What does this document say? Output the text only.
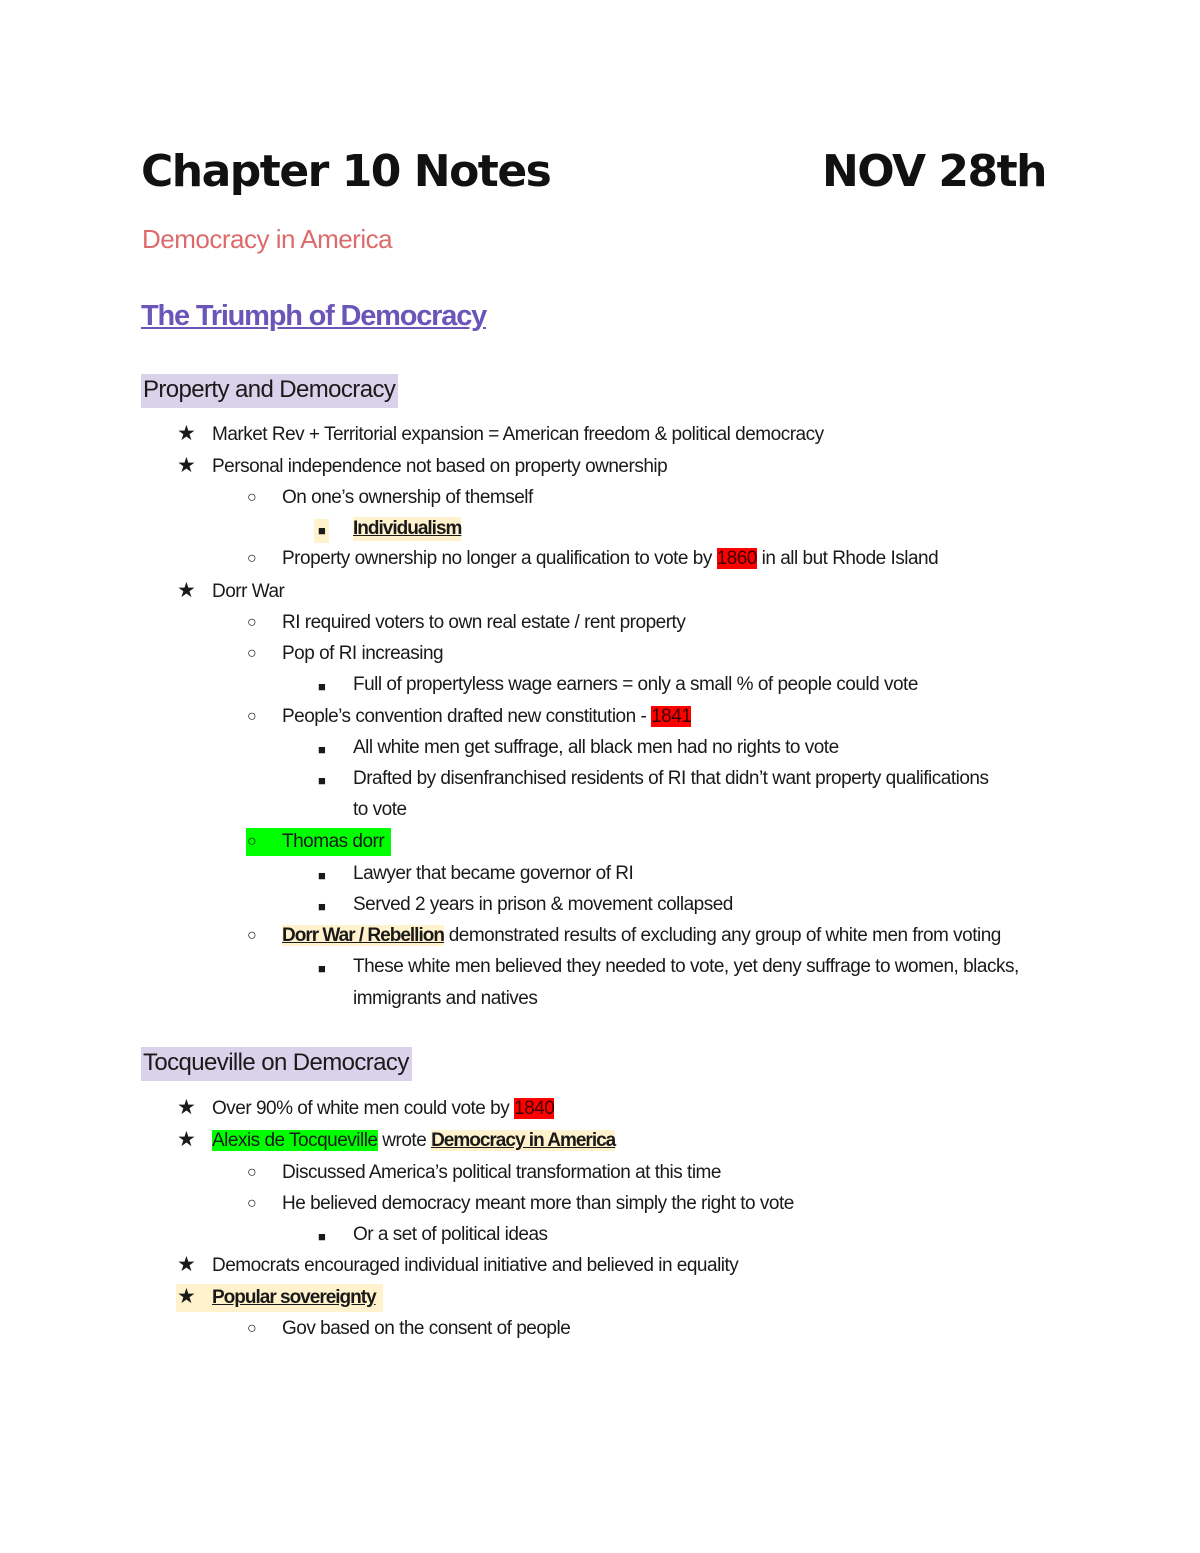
Chapter 10 Notes	NOV 28th
Democracy in America
The Triumph of Democracy
Property and Democracy
★ Market Rev + Territorial expansion = American freedom & political democracy
★ Personal independence not based on property ownership
○ On one’s ownership of themself
■ Individualism
○ Property ownership no longer a qualification to vote by 1860 in all but Rhode Island
★ Dorr War
○ RI required voters to own real estate / rent property
○ Pop of RI increasing
■ Full of propertyless wage earners = only a small % of people could vote
○ People’s convention drafted new constitution - 1841
■ All white men get suffrage, all black men had no rights to vote
■ Drafted by disenfranchised residents of RI that didn’t want property qualifications
to vote
○ Thomas dorr
■ Lawyer that became governor of RI
■ Served 2 years in prison & movement collapsed
○ Dorr War / Rebellion demonstrated results of excluding any group of white men from voting
■ These white men believed they needed to vote, yet deny suffrage to women, blacks,
immigrants and natives
Tocqueville on Democracy
★ Over 90% of white men could vote by 1840
★ Alexis de Tocqueville wrote Democracy in America
○ Discussed America’s political transformation at this time
○ He believed democracy meant more than simply the right to vote
■ Or a set of political ideas
★ Democrats encouraged individual initiative and believed in equality
★ Popular sovereignty
○ Gov based on the consent of people
